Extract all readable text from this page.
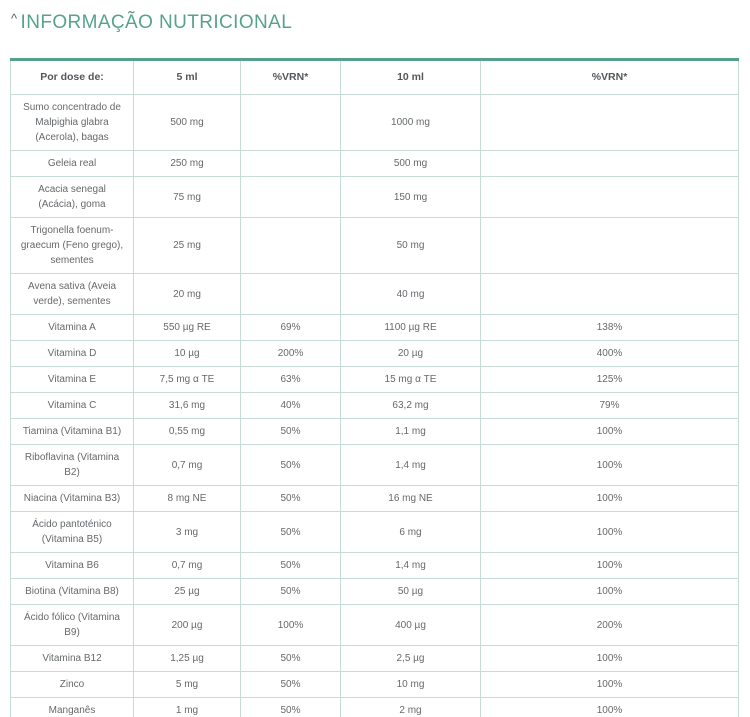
^ INFORMAÇÃO NUTRICIONAL
Por dose de:	5 ml	%VRN*	10 ml	%VRN*
Sumo concentrado de
Malpighia glabra
(Acerola), bagas	500 mg		1000 mg	
Geleia real	250 mg		500 mg	
Acacia senegal
(Acácia), goma	75 mg		150 mg	
Trigonella foenum-
graecum (Feno grego),
sementes	25 mg		50 mg	
Avena sativa (Aveia
verde), sementes	20 mg		40 mg	
Vitamina A	550 µg RE	69%	1100 µg RE	138%
Vitamina D	10 µg	200%	20 µg	400%
Vitamina E	7,5 mg α TE	63%	15 mg α TE	125%
Vitamina C	31,6 mg	40%	63,2 mg	79%
Tiamina (Vitamina B1)	0,55 mg	50%	1,1 mg	100%
Riboflavina (Vitamina
B2)	0,7 mg	50%	1,4 mg	100%
Niacina (Vitamina B3)	8 mg NE	50%	16 mg NE	100%
Ácido pantoténico
(Vitamina B5)	3 mg	50%	6 mg	100%
Vitamina B6	0,7 mg	50%	1,4 mg	100%
Biotina (Vitamina B8)	25 µg	50%	50 µg	100%
Ácido fólico (Vitamina
B9)	200 µg	100%	400 µg	200%
Vitamina B12	1,25 µg	50%	2,5 µg	100%
Zinco	5 mg	50%	10 mg	100%
Manganês	1 mg	50%	2 mg	100%
